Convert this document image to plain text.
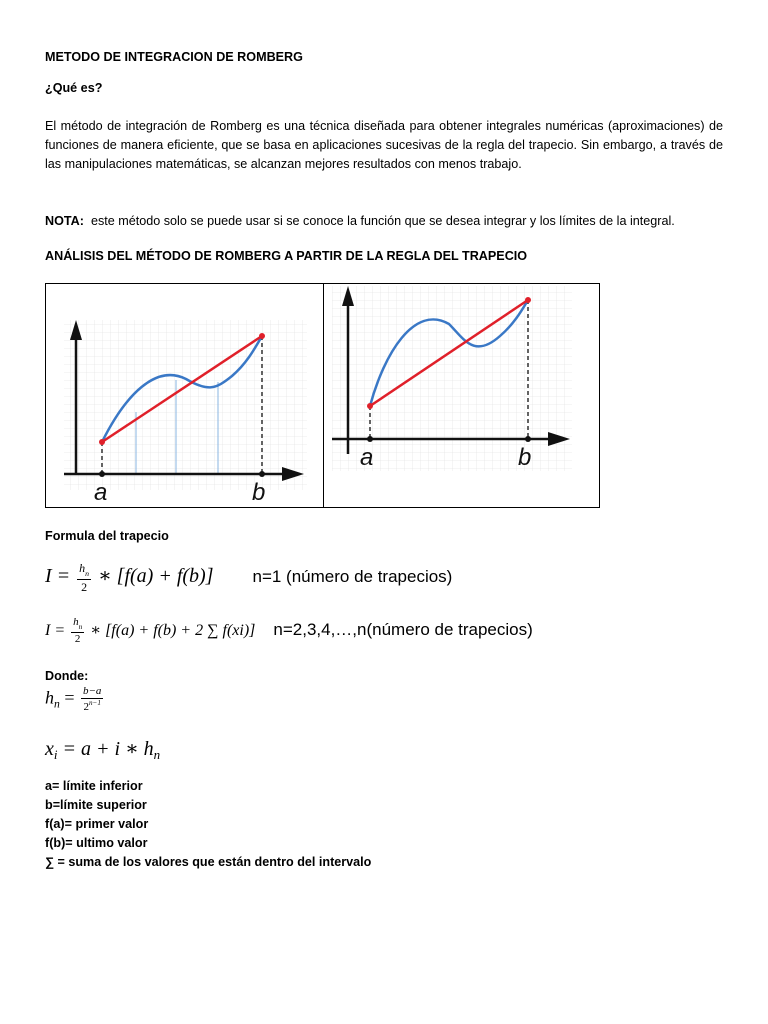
METODO DE INTEGRACION DE ROMBERG
¿Qué es?
El método de integración de Romberg es una técnica diseñada para obtener integrales numéricas (aproximaciones) de funciones de manera eficiente, que se basa en aplicaciones sucesivas de la regla del trapecio. Sin embargo, a través de las manipulaciones matemáticas, se alcanzan mejores resultados con menos trabajo.
NOTA: este método solo se puede usar si se conoce la función que se desea integrar y los límites de la integral.
ANÁLISIS DEL MÉTODO DE ROMBERG A PARTIR DE LA REGLA DEL TRAPECIO
a	b
a	b
Formula del trapecio
$I = \frac{h_n}{2}$ ∗ [f(a) + f(b)] n=1 (número de trapecios)
$I = \frac{h_n}{2}$ ∗ [f(a) + f(b) + 2 ∑ f(xi)] n=2,3,4,…,n(número de trapecios)
Donde:
$h_n = \frac{b-a}{2^{n-1}}$
$x_i = a + i$ ∗ $h_n$
a= límite inferior
b=límite superior
f(a)= primer valor
f(b)= ultimo valor
∑ = suma de los valores que están dentro del intervalo
